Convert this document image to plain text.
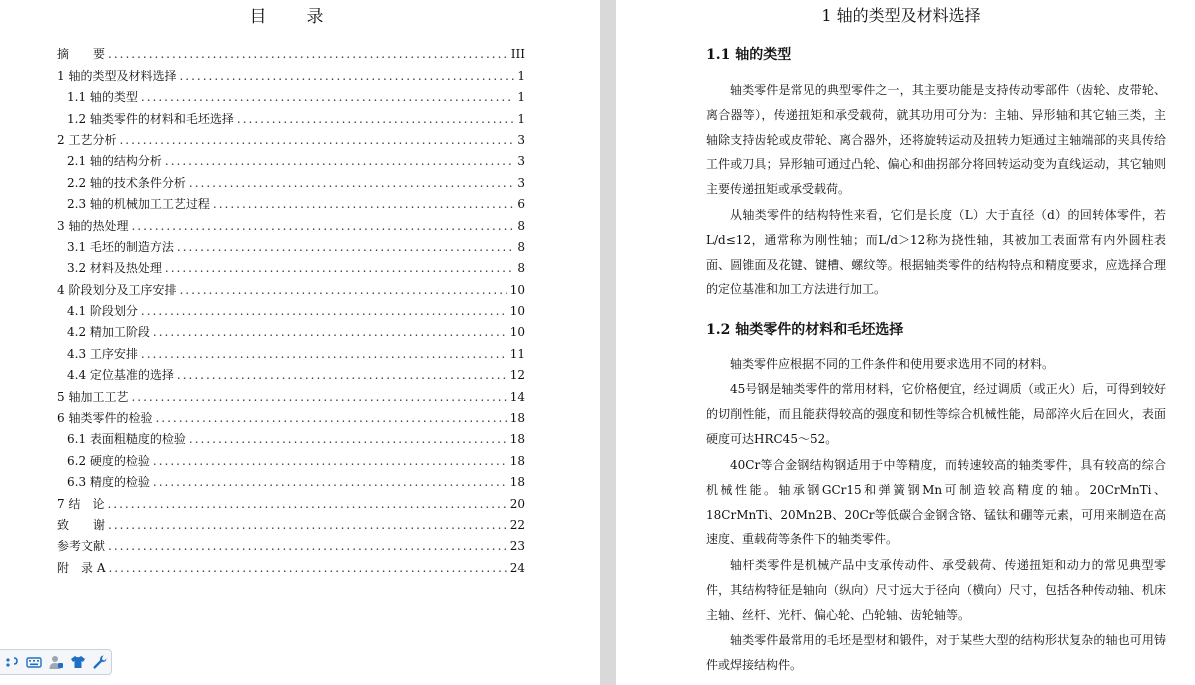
目　　录
摘　　要 .....	III
1 轴的类型及材料选择 .....	1
1.1 轴的类型 .....	1
1.2 轴类零件的材料和毛坯选择 .....	1
2 工艺分析 .....	3
2.1 轴的结构分析 .....	3
2.2 轴的技术条件分析 .....	3
2.3 轴的机械加工工艺过程 .....	6
3 轴的热处理 .....	8
3.1 毛坯的制造方法 .....	8
3.2 材料及热处理 .....	8
4 阶段划分及工序安排 .....	10
4.1 阶段划分 .....	10
4.2 精加工阶段 .....	10
4.3 工序安排 .....	11
4.4 定位基准的选择 .....	12
5 轴加工工艺 .....	14
6 轴类零件的检验 .....	18
6.1 表面粗糙度的检验 .....	18
6.2 硬度的检验 .....	18
6.3 精度的检验 .....	18
7 结　论 .....	20
致　　谢 .....	22
参考文献 .....	23
附　录 A .....	24
1 轴的类型及材料选择
1.1 轴的类型

轴类零件是常见的典型零件之一，其主要功能是支持传动零部件（齿轮、皮带轮、离合器等），传递扭矩和承受载荷，就其功用可分为：主轴、异形轴和其它轴三类，主轴除支持齿轮或皮带轮、离合器外，还将旋转运动及扭转力矩通过主轴端部的夹具传给工件或刀具；异形轴可通过凸轮、偏心和曲拐部分将回转运动变为直线运动，其它轴则主要传递扭矩或承受载荷。

从轴类零件的结构特性来看，它们是长度（L）大于直径（d）的回转体零件，若L/d≤12，通常称为刚性轴；而L/d＞12称为挠性轴，其被加工表面常有内外圆柱表面、圆锥面及花键、键槽、螺纹等。根据轴类零件的结构特点和精度要求，应选择合理的定位基准和加工方法进行加工。

1.2 轴类零件的材料和毛坯选择

轴类零件应根据不同的工件条件和使用要求选用不同的材料。

45号钢是轴类零件的常用材料，它价格便宜，经过调质（或正火）后，可得到较好的切削性能，而且能获得较高的强度和韧性等综合机械性能，局部淬火后在回火，表面硬度可达HRC45～52。

40Cr等合金钢结构钢适用于中等精度，而转速较高的轴类零件，具有较高的综合机械性能。轴承钢GCr15和弹簧钢Mn可制造较高精度的轴。20CrMnTi、18CrMnTi、20Mn2B、20Cr等低碳合金钢含铬、锰钛和硼等元素，可用来制造在高速度、重载荷等条件下的轴类零件。

轴杆类零件是机械产品中支承传动件、承受载荷、传递扭矩和动力的常见典型零件，其结构特征是轴向（纵向）尺寸远大于径向（横向）尺寸，包括各种传动轴、机床主轴、丝杆、光杆、偏心轮、凸轮轴、齿轮轴等。

轴类零件最常用的毛坯是型材和锻件，对于某些大型的结构形状复杂的轴也可用铸件或焊接结构件。
